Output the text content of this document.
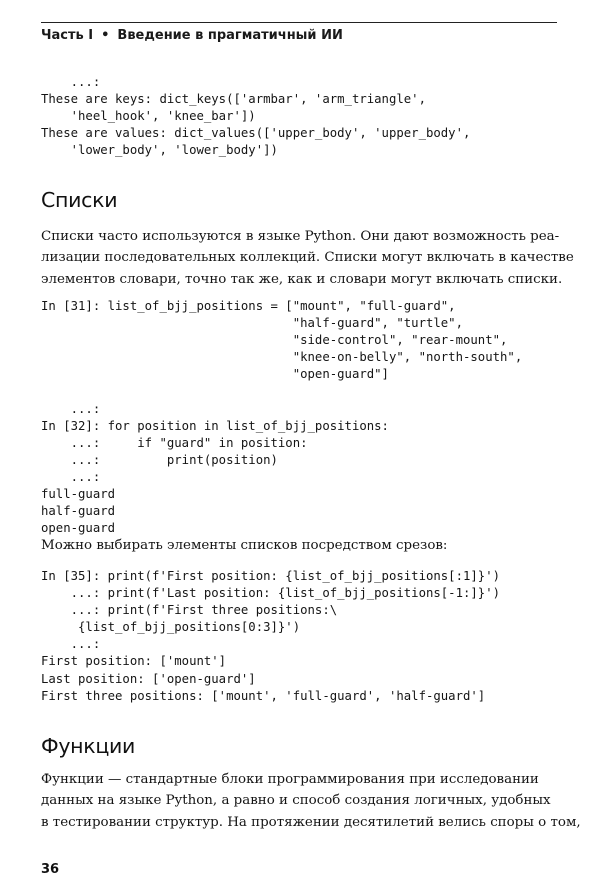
Часть I • Введение в прагматичный ИИ
...:
These are keys: dict_keys(['armbar', 'arm_triangle',
'heel_hook', 'knee_bar'])
These are values: dict_values(['upper_body', 'upper_body',
'lower_body', 'lower_body'])
Списки

Списки часто используются в языке Python. Они дают возможность реа-
лизации последовательных коллекций. Списки могут включать в качестве
элементов словари, точно так же, как и словари могут включать списки.

In [31]: list_of_bjj_positions = ["mount", "full-guard",
"half-guard", "turtle",
"side-control", "rear-mount",
"knee-on-belly", "north-south",
"open-guard"]

...:
In [32]: for position in list_of_bjj_positions:
...:     if "guard" in position:
...:         print(position)
...:
full-guard
half-guard
open-guard

Можно выбирать элементы списков посредством срезов:

In [35]: print(f'First position: {list_of_bjj_positions[:1]}')
...: print(f'Last position: {list_of_bjj_positions[-1:]}')
...: print(f'First three positions:\
{list_of_bjj_positions[0:3]}')
...:
First position: ['mount']
Last position: ['open-guard']
First three positions: ['mount', 'full-guard', 'half-guard']
Функции

Функции — стандартные блоки программирования при исследовании
данных на языке Python, а равно и способ создания логичных, удобных
в тестировании структур. На протяжении десятилетий велись споры о том,

36
